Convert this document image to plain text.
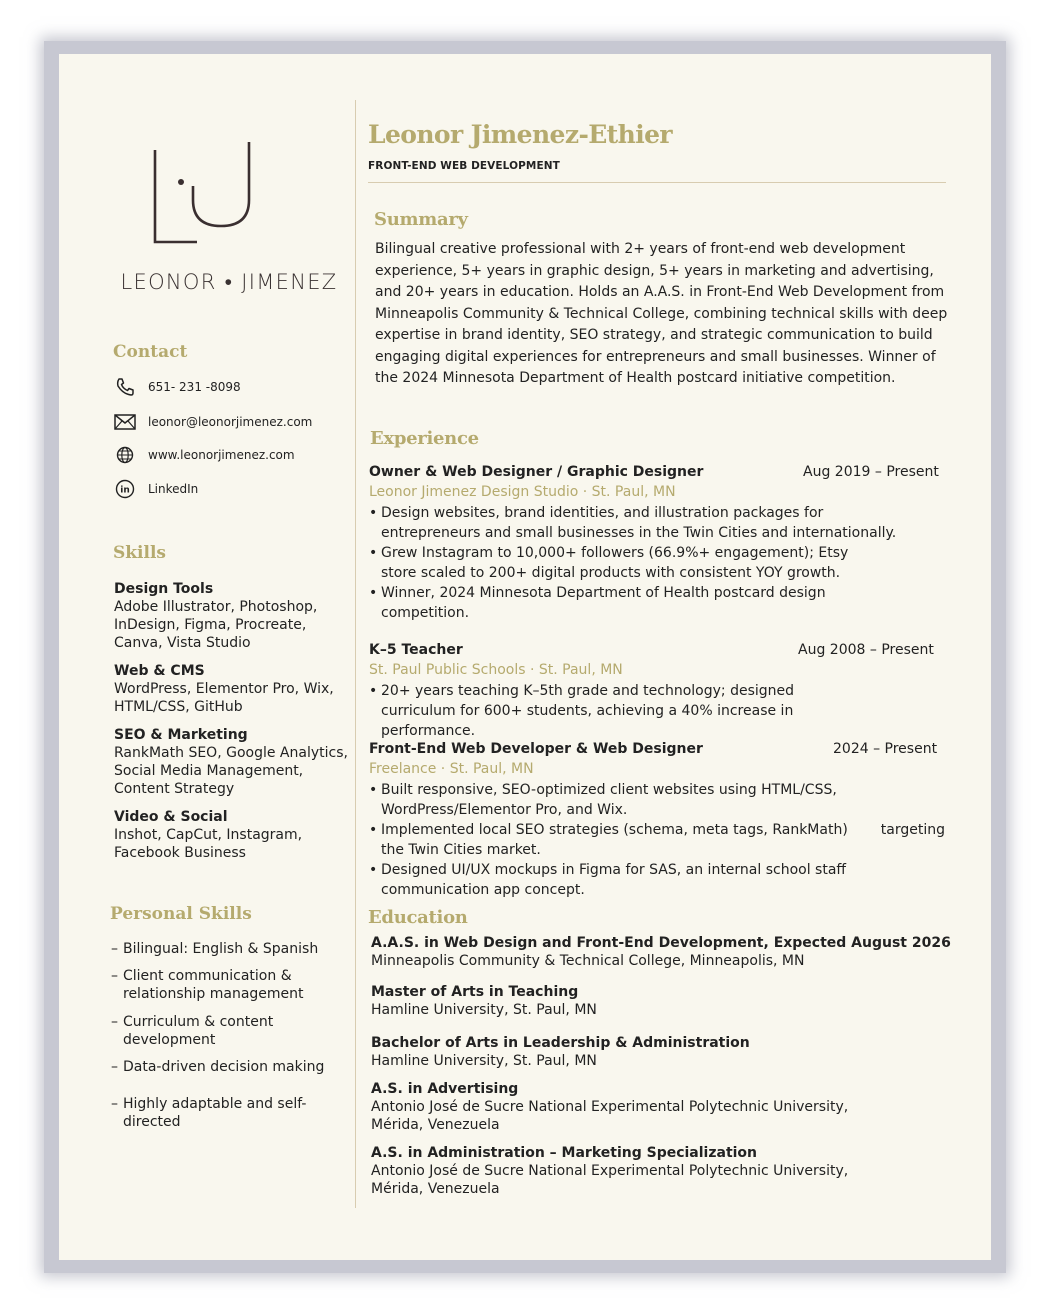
LEONOR • JIMENEZ
Contact
651- 231 -8098
leonor@leonorjimenez.com
www.leonorjimenez.com
in LinkedIn
Skills
Design Tools
Adobe Illustrator, Photoshop, InDesign, Figma, Procreate, Canva, Vista Studio
Web & CMS
WordPress, Elementor Pro, Wix, HTML/CSS, GitHub
SEO & Marketing
RankMath SEO, Google Analytics, Social Media Management, Content Strategy
Video & Social
Inshot, CapCut, Instagram, Facebook Business
Personal Skills
– Bilingual: English & Spanish
– Client communication & relationship management
– Curriculum & content development
– Data-driven decision making
– Highly adaptable and self-directed
Leonor Jimenez-Ethier
FRONT-END WEB DEVELOPMENT
Summary
Bilingual creative professional with 2+ years of front-end web development experience, 5+ years in graphic design, 5+ years in marketing and advertising, and 20+ years in education. Holds an A.A.S. in Front-End Web Development from Minneapolis Community & Technical College, combining technical skills with deep expertise in brand identity, SEO strategy, and strategic communication to build engaging digital experiences for entrepreneurs and small businesses. Winner of the 2024 Minnesota Department of Health postcard initiative competition.
Experience
Owner & Web Designer / Graphic Designer	Aug 2019 – Present
Leonor Jimenez Design Studio · St. Paul, MN
• Design websites, brand identities, and illustration packages for entrepreneurs and small businesses in the Twin Cities and internationally.
• Grew Instagram to 10,000+ followers (66.9%+ engagement); Etsy store scaled to 200+ digital products with consistent YOY growth.
• Winner, 2024 Minnesota Department of Health postcard design competition.
K–5 Teacher	Aug 2008 – Present
St. Paul Public Schools · St. Paul, MN
• 20+ years teaching K–5th grade and technology; designed curriculum for 600+ students, achieving a 40% increase in performance.
Front-End Web Developer & Web Designer	2024 – Present
Freelance · St. Paul, MN
• Built responsive, SEO-optimized client websites using HTML/CSS, WordPress/Elementor Pro, and Wix.
• Implemented local SEO strategies (schema, meta tags, RankMath) targeting
the Twin Cities market.
• Designed UI/UX mockups in Figma for SAS, an internal school staff communication app concept.
Education
A.A.S. in Web Design and Front-End Development, Expected August 2026
Minneapolis Community & Technical College, Minneapolis, MN
Master of Arts in Teaching
Hamline University, St. Paul, MN
Bachelor of Arts in Leadership & Administration
Hamline University, St. Paul, MN
A.S. in Advertising
Antonio José de Sucre National Experimental Polytechnic University, Mérida, Venezuela
A.S. in Administration – Marketing Specialization
Antonio José de Sucre National Experimental Polytechnic University, Mérida, Venezuela
